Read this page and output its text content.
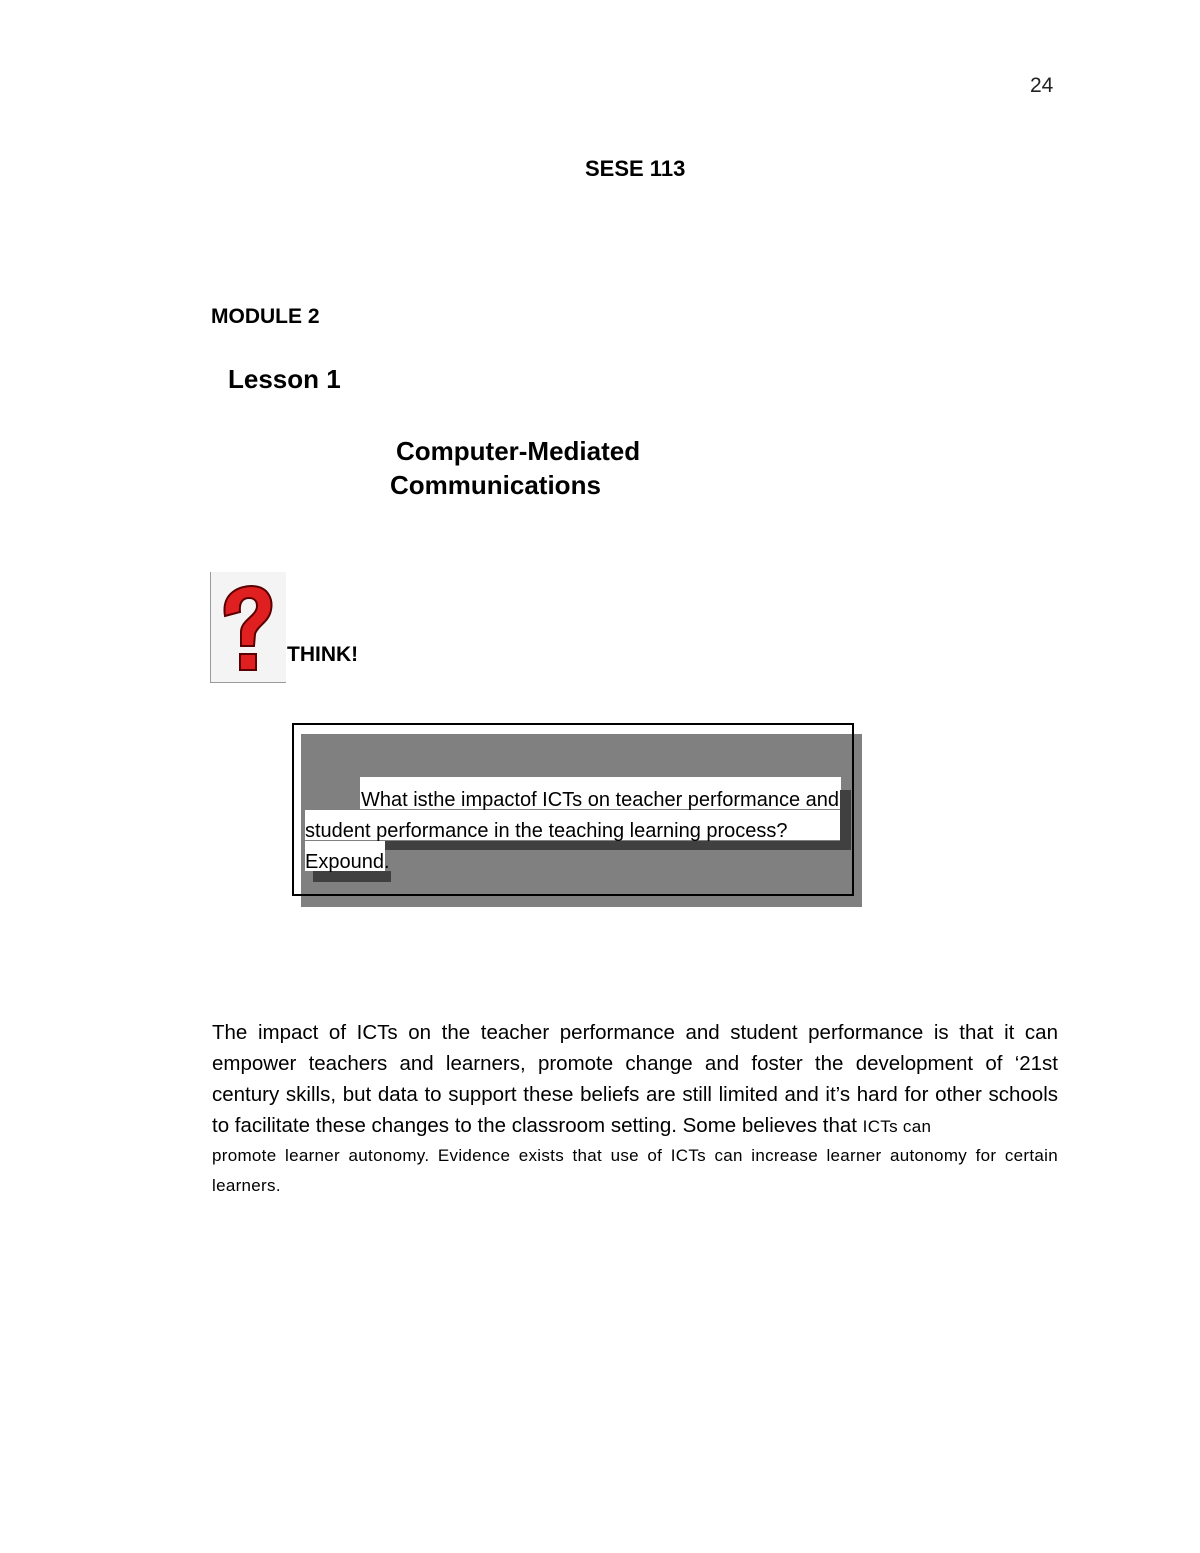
24
SESE 113
MODULE 2
Lesson 1
Computer-Mediated
Communications
THINK!
What isthe impactof ICTs on teacher performance and
student performance in the teaching learning process?
Expound.
The impact of ICTs on the teacher performance and student performance is that it can empower teachers and learners, promote change and foster the development of ‘21st century skills, but data to support these beliefs are still limited and it’s hard for other schools to facilitate these changes to the classroom setting. Some believes that ICTs can
promote learner autonomy. Evidence exists that use of ICTs can increase learner autonomy for certain learners.
